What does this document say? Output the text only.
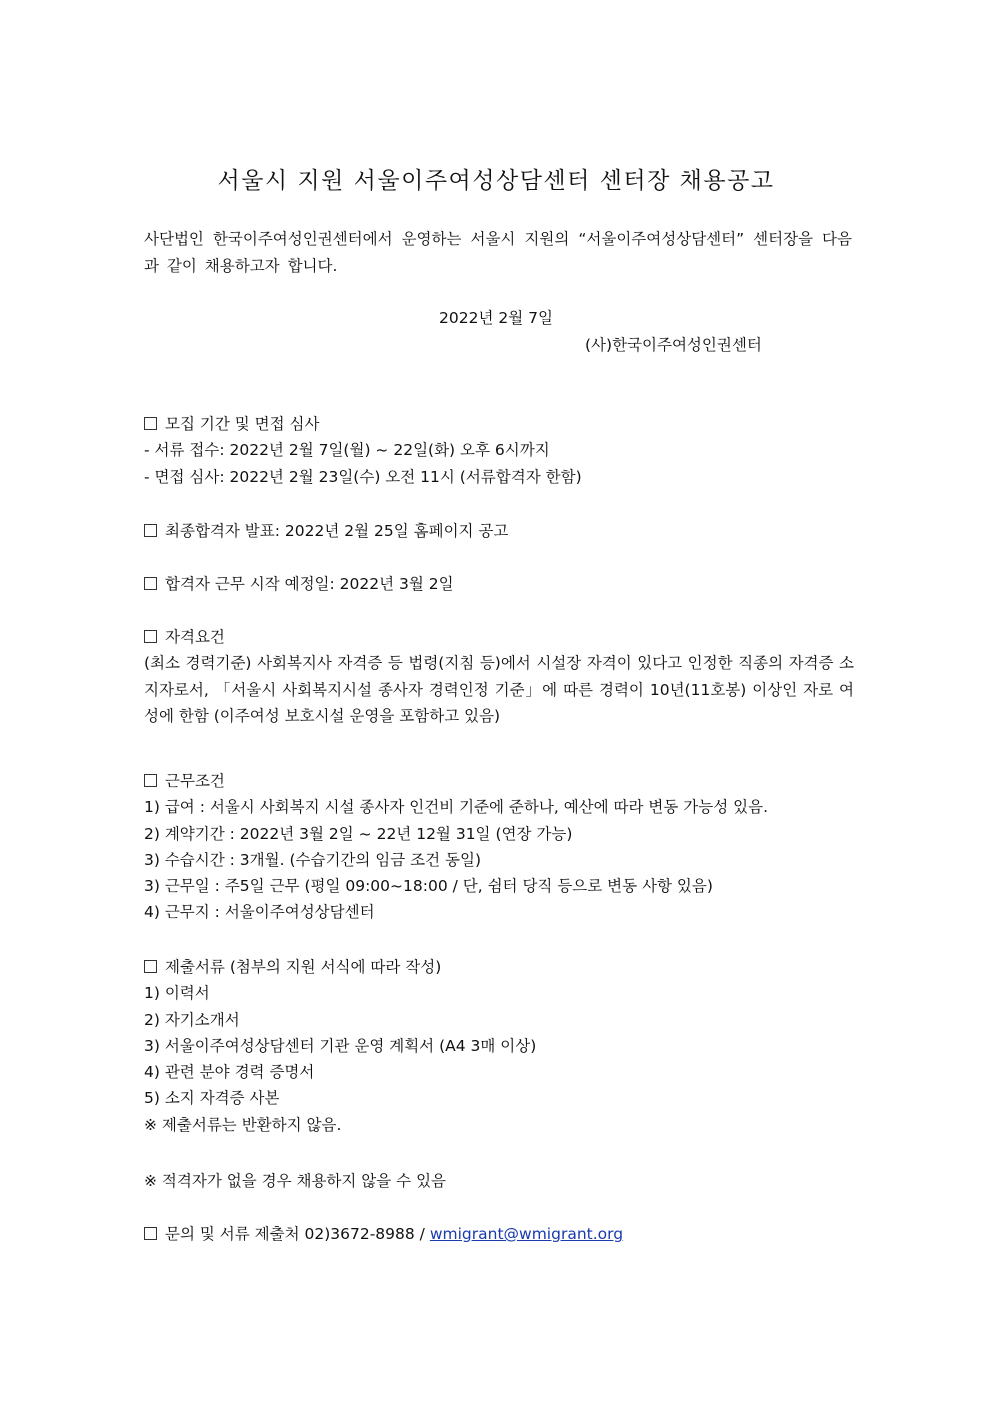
서울시 지원 서울이주여성상담센터 센터장 채용공고
사단법인 한국이주여성인권센터에서 운영하는 서울시 지원의 “서울이주여성상담센터” 센터장을 다음과 같이 채용하고자 합니다.
2022년 2월 7일
(사)한국이주여성인권센터
모집 기간 및 면접 심사
- 서류 접수: 2022년 2월 7일(월) ~ 22일(화) 오후 6시까지
- 면접 심사: 2022년 2월 23일(수) 오전 11시 (서류합격자 한함)
최종합격자 발표: 2022년 2월 25일 홈페이지 공고
합격자 근무 시작 예정일: 2022년 3월 2일
자격요건
(최소 경력기준) 사회복지사 자격증 등 법령(지침 등)에서 시설장 자격이 있다고 인정한 직종의 자격증 소지자로서, 「서울시 사회복지시설 종사자 경력인정 기준」에 따른 경력이 10년(11호봉) 이상인 자로 여성에 한함 (이주여성 보호시설 운영을 포함하고 있음)
근무조건
1) 급여 : 서울시 사회복지 시설 종사자 인건비 기준에 준하나, 예산에 따라 변동 가능성 있음.
2) 계약기간 : 2022년 3월 2일 ~ 22년 12월 31일 (연장 가능)
3) 수습시간 : 3개월. (수습기간의 임금 조건 동일)
3) 근무일 : 주5일 근무 (평일 09:00~18:00 / 단, 쉼터 당직 등으로 변동 사항 있음)
4) 근무지 : 서울이주여성상담센터
제출서류 (첨부의 지원 서식에 따라 작성)
1) 이력서
2) 자기소개서
3) 서울이주여성상담센터 기관 운영 계획서 (A4 3매 이상)
4) 관련 분야 경력 증명서
5) 소지 자격증 사본
※ 제출서류는 반환하지 않음.
※ 적격자가 없을 경우 채용하지 않을 수 있음
문의 및 서류 제출처 02)3672-8988 / wmigrant@wmigrant.org
